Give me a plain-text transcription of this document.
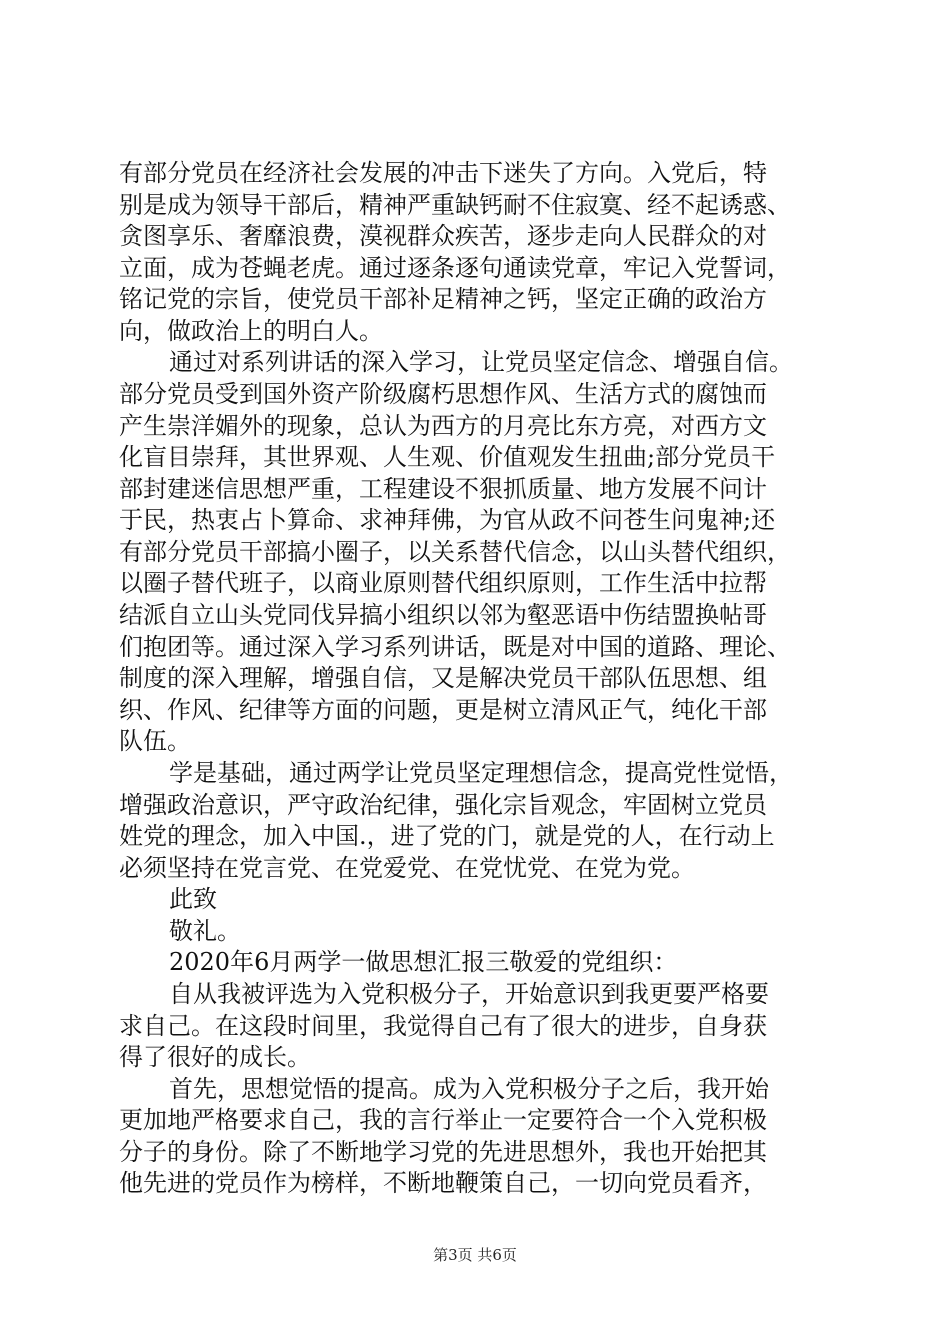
有部分党员在经济社会发展的冲击下迷失了方向。入党后，特
别是成为领导干部后，精神严重缺钙耐不住寂寞、经不起诱惑、
贪图享乐、奢靡浪费，漠视群众疾苦，逐步走向人民群众的对
立面，成为苍蝇老虎。通过逐条逐句通读党章，牢记入党誓词，
铭记党的宗旨，使党员干部补足精神之钙，坚定正确的政治方
向，做政治上的明白人。
通过对系列讲话的深入学习，让党员坚定信念、增强自信。
部分党员受到国外资产阶级腐朽思想作风、生活方式的腐蚀而
产生崇洋媚外的现象，总认为西方的月亮比东方亮，对西方文
化盲目崇拜，其世界观、人生观、价值观发生扭曲;部分党员干
部封建迷信思想严重，工程建设不狠抓质量、地方发展不问计
于民，热衷占卜算命、求神拜佛，为官从政不问苍生问鬼神;还
有部分党员干部搞小圈子，以关系替代信念，以山头替代组织，
以圈子替代班子，以商业原则替代组织原则，工作生活中拉帮
结派自立山头党同伐异搞小组织以邻为壑恶语中伤结盟换帖哥
们抱团等。通过深入学习系列讲话，既是对中国的道路、理论、
制度的深入理解，增强自信，又是解决党员干部队伍思想、组
织、作风、纪律等方面的问题，更是树立清风正气，纯化干部
队伍。
学是基础，通过两学让党员坚定理想信念，提高党性觉悟，
增强政治意识，严守政治纪律，强化宗旨观念，牢固树立党员
姓党的理念，加入中国.，进了党的门，就是党的人，在行动上
必须坚持在党言党、在党爱党、在党忧党、在党为党。
此致
敬礼。
2020年6月两学一做思想汇报三敬爱的党组织：
自从我被评选为入党积极分子，开始意识到我更要严格要
求自己。在这段时间里，我觉得自己有了很大的进步，自身获
得了很好的成长。
首先，思想觉悟的提高。成为入党积极分子之后，我开始
更加地严格要求自己，我的言行举止一定要符合一个入党积极
分子的身份。除了不断地学习党的先进思想外，我也开始把其
他先进的党员作为榜样，不断地鞭策自己，一切向党员看齐，
第3页 共6页
